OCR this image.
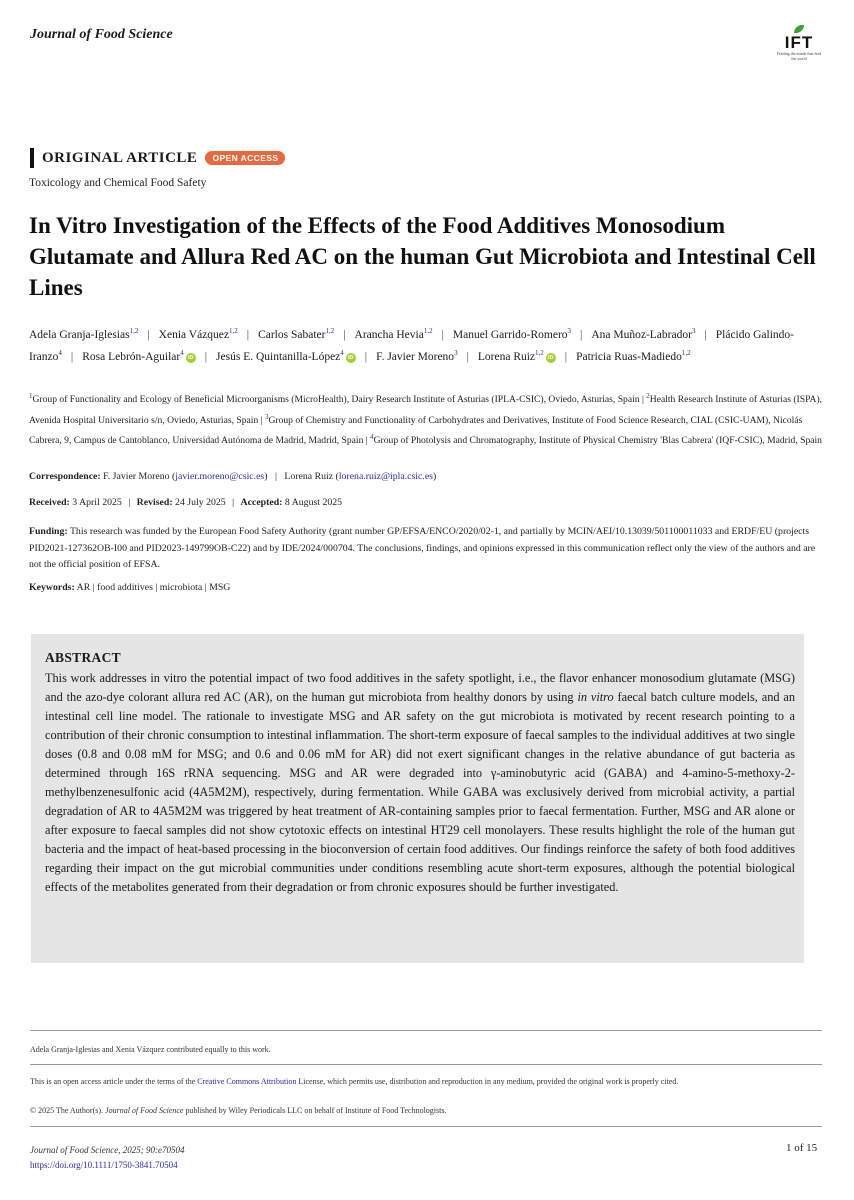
Journal of Food Science	IFT
Feeding the minds that feed the world
ORIGINAL ARTICLE	OPEN ACCESS
Toxicology and Chemical Food Safety
In Vitro Investigation of the Effects of the Food Additives Monosodium Glutamate and Allura Red AC on the human Gut Microbiota and Intestinal Cell Lines
Adela Granja-Iglesias$^{1,2}$ | Xenia Vázquez$^{1,2}$ | Carlos Sabater$^{1,2}$ | Arancha Hevia$^{1,2}$ | Manuel Garrido-Romero$^3$ | Ana Muñoz-Labrador$^3$ | Plácido Galindo-Iranzo$^4$ | Rosa Lebrón-Aguilar$^4$iD | Jesús E. Quintanilla-López$^4$iD | F. Javier Moreno$^3$ | Lorena Ruiz$^{1,2}$iD | Patricia Ruas-Madiedo$^{1,2}$
$^1$Group of Functionality and Ecology of Beneficial Microorganisms (MicroHealth), Dairy Research Institute of Asturias (IPLA-CSIC), Oviedo, Asturias, Spain | $^2$Health Research Institute of Asturias (ISPA), Avenida Hospital Universitario s/n, Oviedo, Asturias, Spain | $^3$Group of Chemistry and Functionality of Carbohydrates and Derivatives, Institute of Food Science Research, CIAL (CSIC-UAM), Nicolás Cabrera, 9, Campus de Cantoblanco, Universidad Autónoma de Madrid, Madrid, Spain | $^4$Group of Photolysis and Chromatography, Institute of Physical Chemistry 'Blas Cabrera' (IQF-CSIC), Madrid, Spain
Correspondence: F. Javier Moreno (javier.moreno@csic.es) | Lorena Ruiz (lorena.ruiz@ipla.csic.es)
Received: 3 April 2025 | Revised: 24 July 2025 | Accepted: 8 August 2025
Funding: This research was funded by the European Food Safety Authority (grant number GP/EFSA/ENCO/2020/02-1, and partially by MCIN/AEI/10.13039/501100011033 and ERDF/EU (projects PID2021-127362OB-I00 and PID2023-149799OB-C22) and by IDE/2024/000704. The conclusions, findings, and opinions expressed in this communication reflect only the view of the authors and are not the official position of EFSA.
Keywords: AR | food additives | microbiota | MSG
ABSTRACT
This work addresses in vitro the potential impact of two food additives in the safety spotlight, i.e., the flavor enhancer monosodium glutamate (MSG) and the azo-dye colorant allura red AC (AR), on the human gut microbiota from healthy donors by using in vitro faecal batch culture models, and an intestinal cell line model. The rationale to investigate MSG and AR safety on the gut microbiota is motivated by recent research pointing to a contribution of their chronic consumption to intestinal inflammation. The short-term exposure of faecal samples to the individual additives at two single doses (0.8 and 0.08 mM for MSG; and 0.6 and 0.06 mM for AR) did not exert significant changes in the relative abundance of gut bacteria as determined through 16S rRNA sequencing. MSG and AR were degraded into γ-aminobutyric acid (GABA) and 4-amino-5-methoxy-2-methylbenzenesulfonic acid (4A5M2M), respectively, during fermentation. While GABA was exclusively derived from microbial activity, a partial degradation of AR to 4A5M2M was triggered by heat treatment of AR-containing samples prior to faecal fermentation. Further, MSG and AR alone or after exposure to faecal samples did not show cytotoxic effects on intestinal HT29 cell monolayers. These results highlight the role of the human gut bacteria and the impact of heat-based processing in the bioconversion of certain food additives. Our findings reinforce the safety of both food additives regarding their impact on the gut microbial communities under conditions resembling acute short-term exposures, although the potential biological effects of the metabolites generated from their degradation or from chronic exposures should be further investigated.
Adela Granja-Iglesias and Xenia Vázquez contributed equally to this work.
This is an open access article under the terms of the Creative Commons Attribution License, which permits use, distribution and reproduction in any medium, provided the original work is properly cited.
© 2025 The Author(s). Journal of Food Science published by Wiley Periodicals LLC on behalf of Institute of Food Technologists.
Journal of Food Science, 2025; 90:e70504
https://doi.org/10.1111/1750-3841.70504
1 of 15
